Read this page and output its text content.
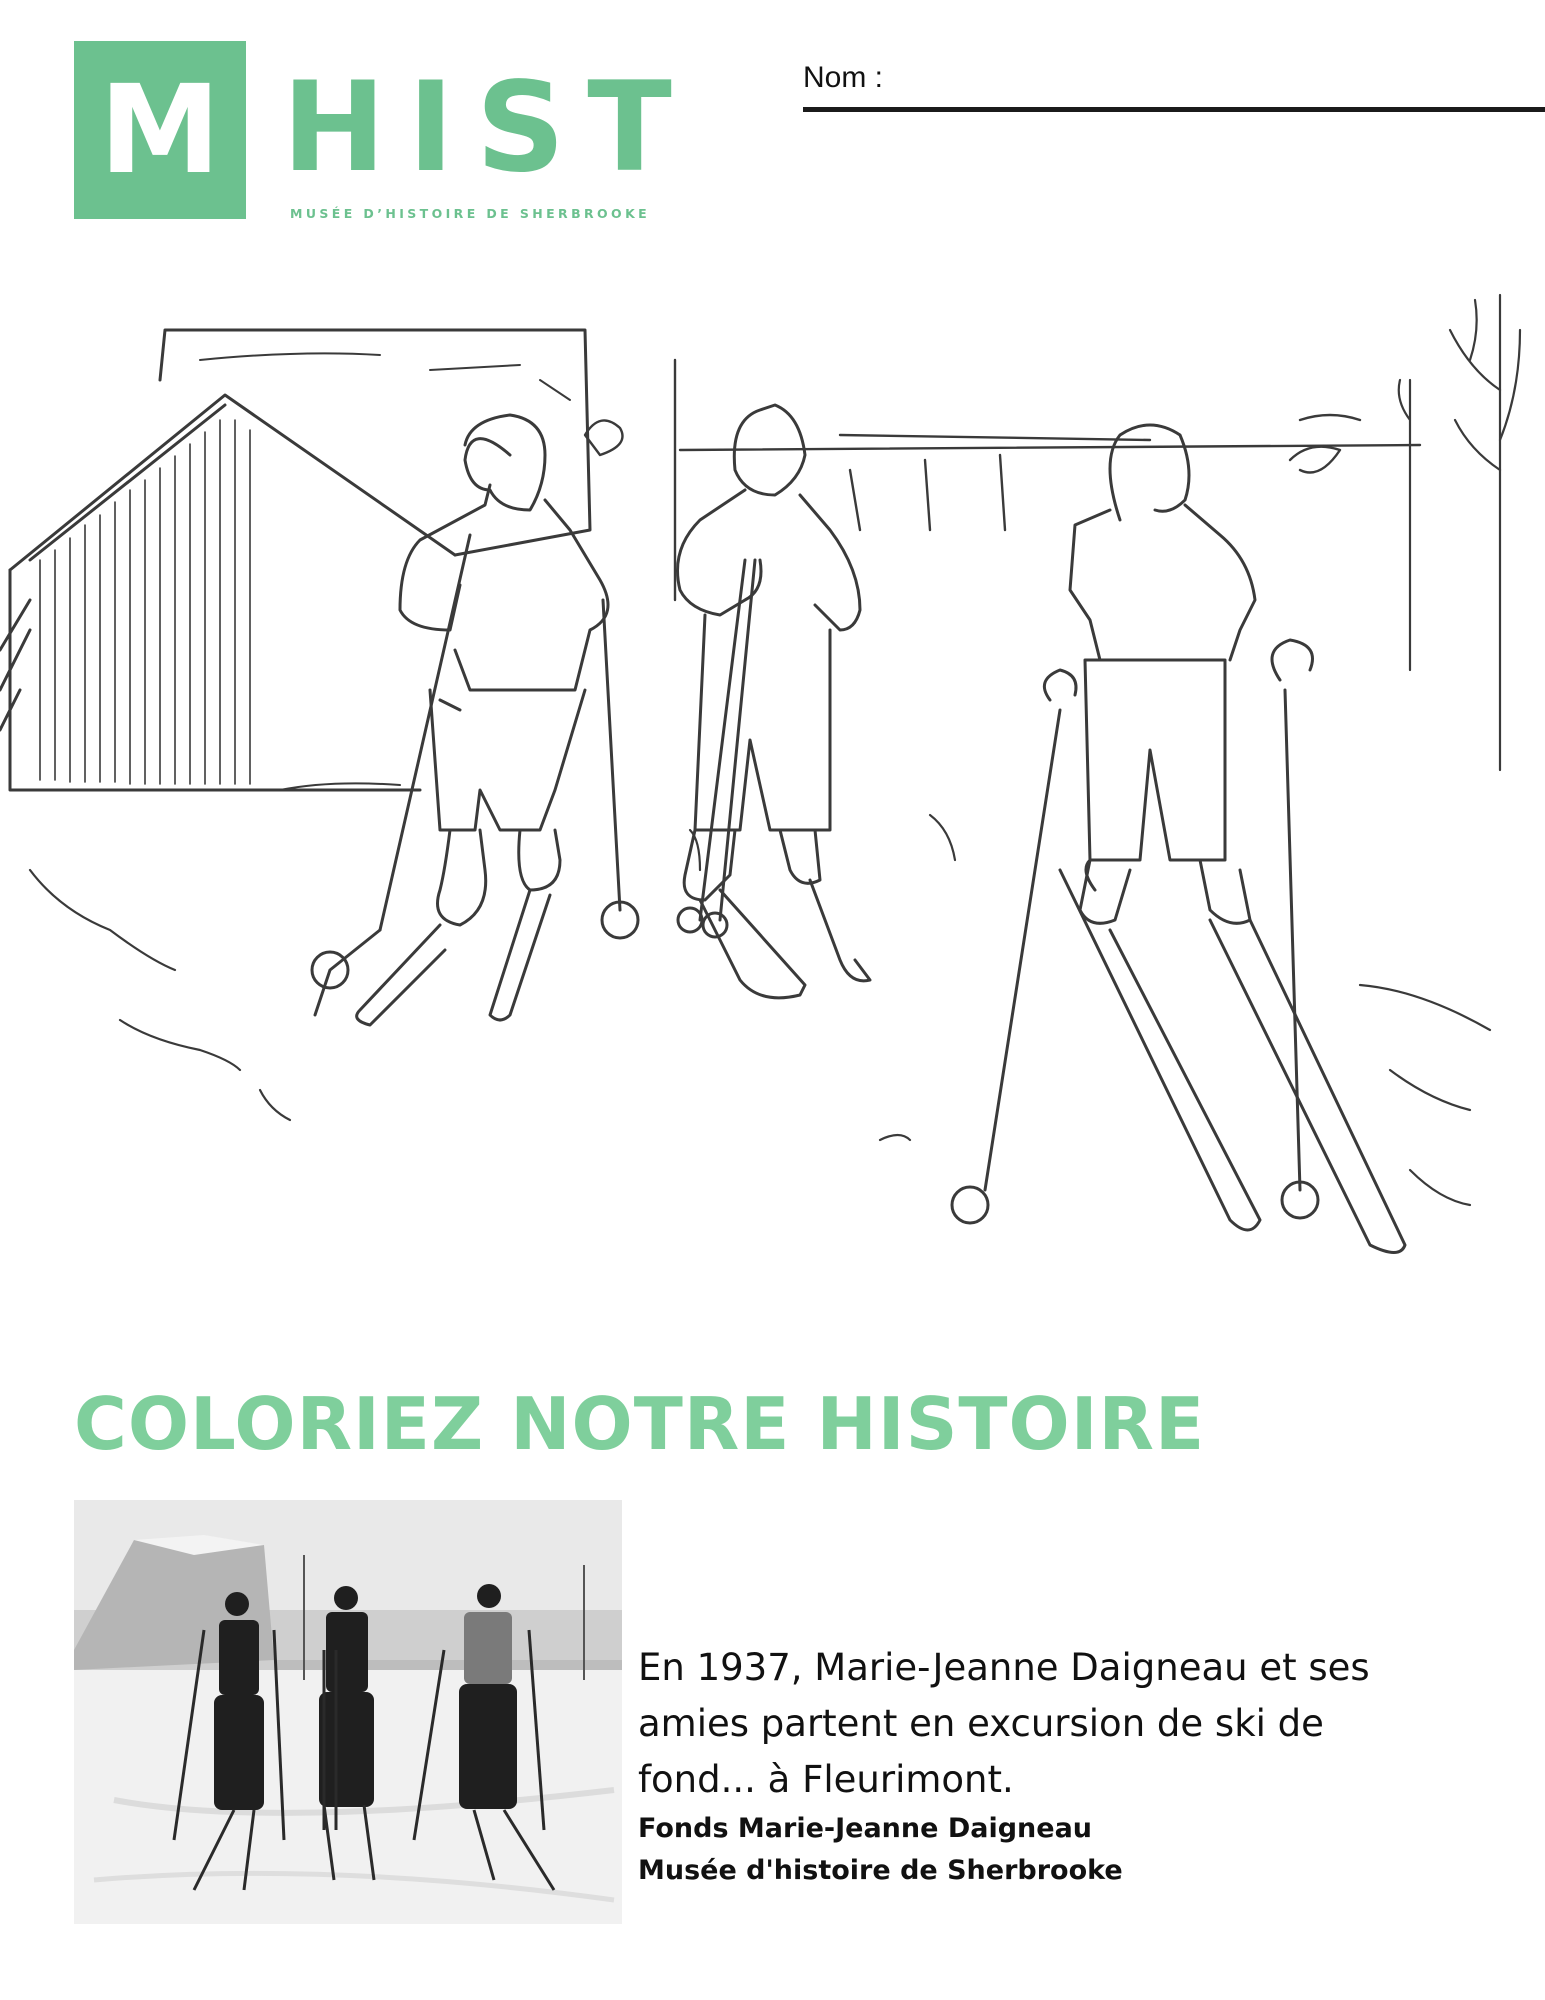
M HIST
MUSÉE D’HISTOIRE DE SHERBROOKE
Nom :
COLORIEZ NOTRE HISTOIRE

En 1937, Marie-Jeanne Daigneau et ses

amies partent en excursion de ski de

fond... à Fleurimont.

Fonds Marie-Jeanne Daigneau

Musée d'histoire de Sherbrooke
